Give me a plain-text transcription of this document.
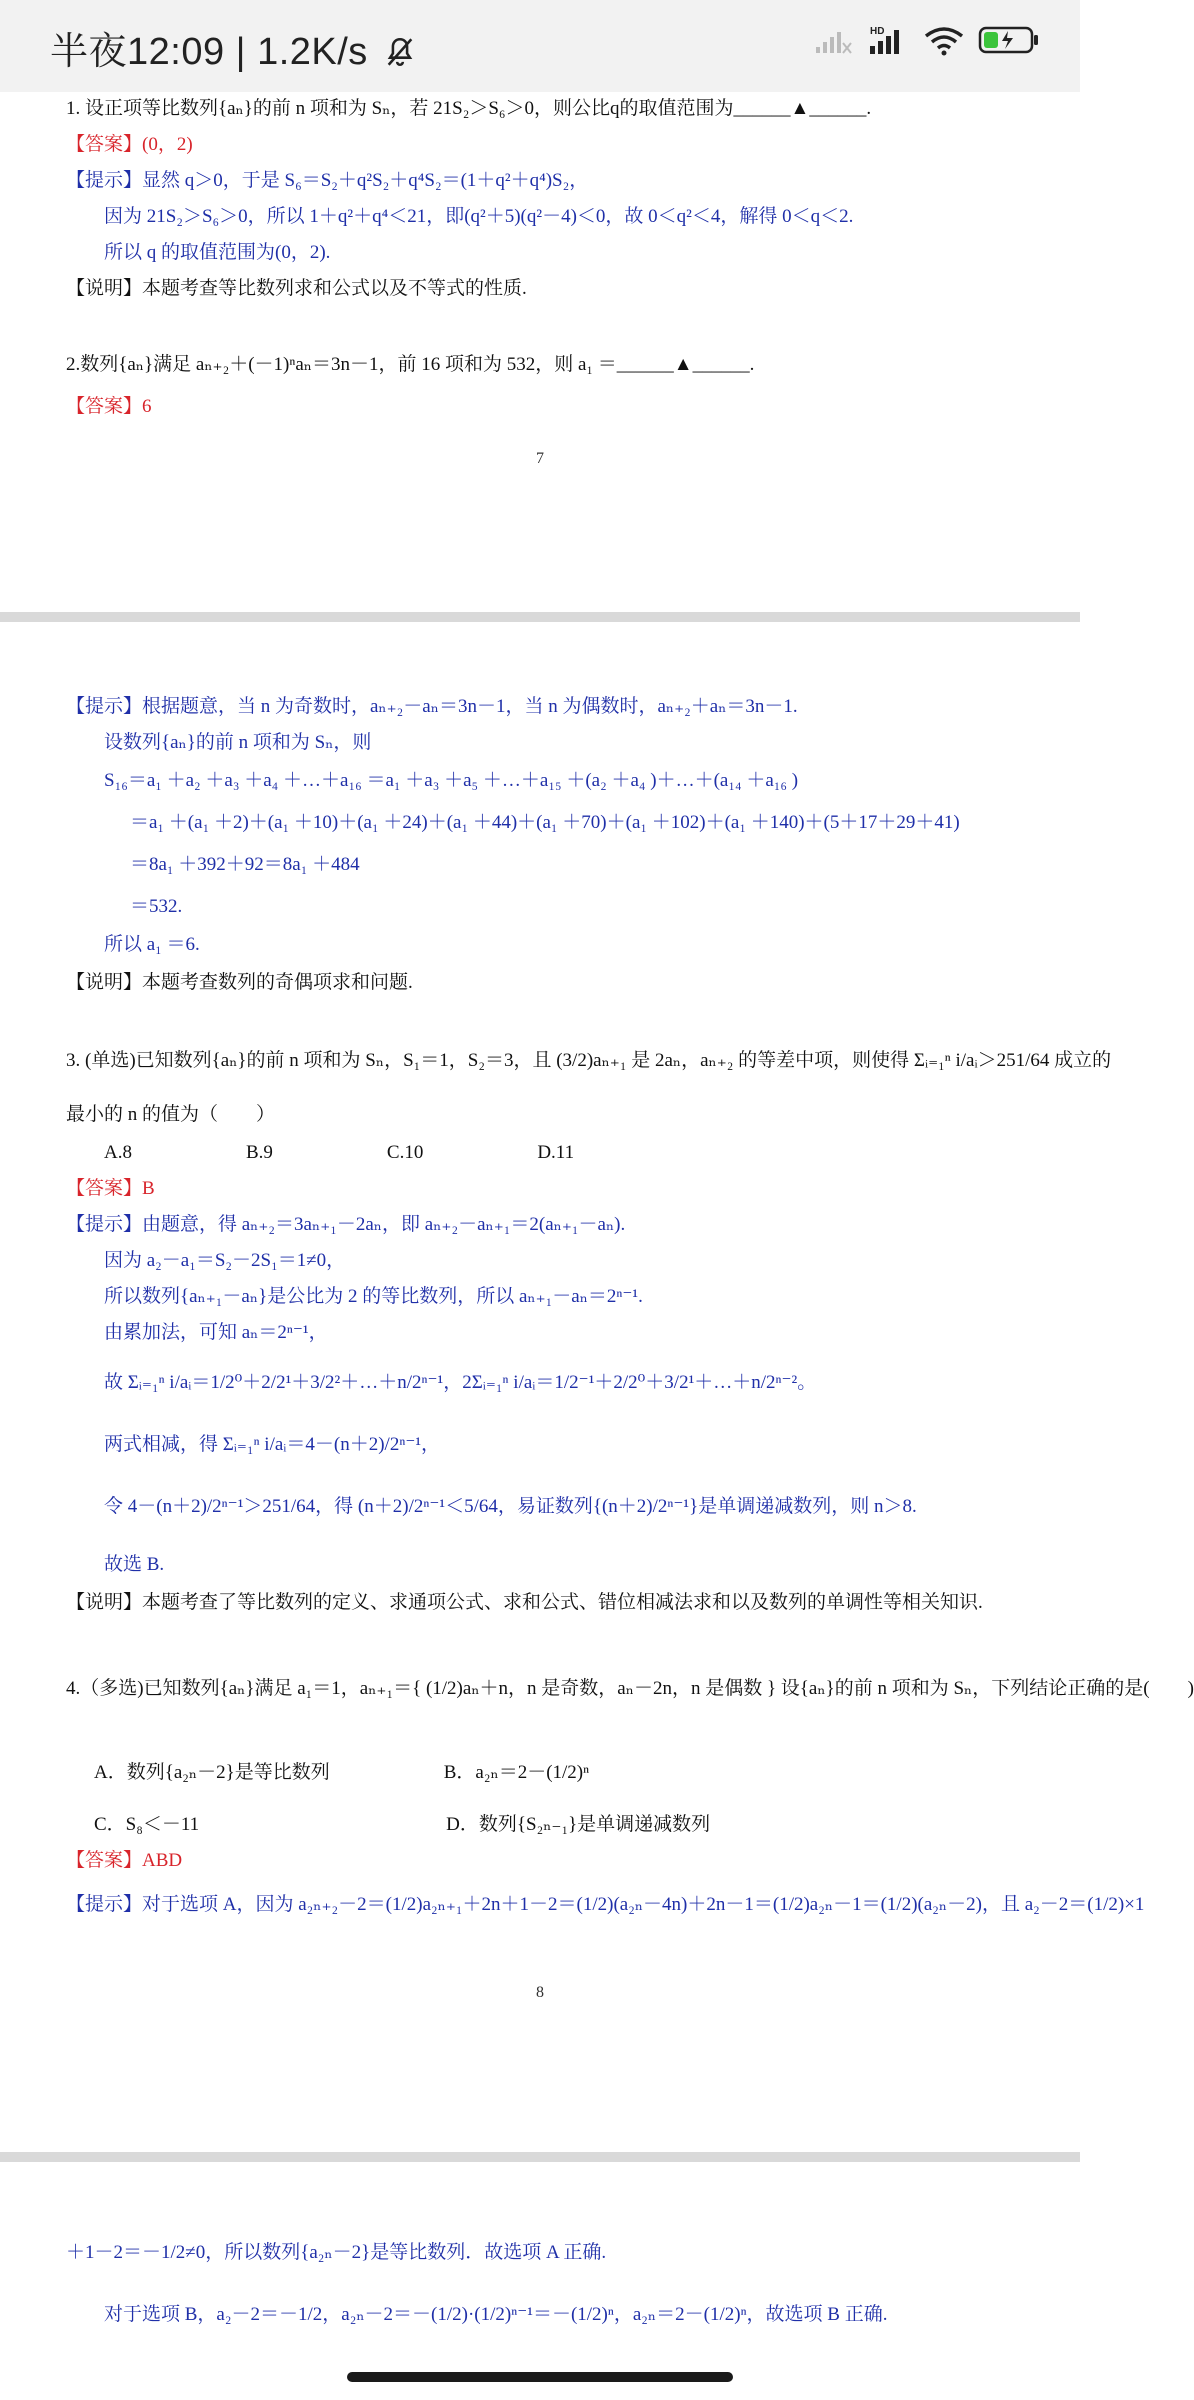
半夜12:09 | 1.2K/s	HD
1. 设正项等比数列{aₙ}的前 n 项和为 Sₙ，若 21S₂＞S₆＞0，则公比q的取值范围为______▲______.
【答案】(0，2)
【提示】显然 q＞0，于是 S₆＝S₂＋q²S₂＋q⁴S₂＝(1＋q²＋q⁴)S₂，
因为 21S₂＞S₆＞0，所以 1＋q²＋q⁴＜21，即(q²＋5)(q²－4)＜0，故 0＜q²＜4，解得 0＜q＜2.
所以 q 的取值范围为(0，2).
【说明】本题考查等比数列求和公式以及不等式的性质.
2.数列{aₙ}满足 aₙ₊₂＋(－1)ⁿaₙ＝3n－1，前 16 项和为 532，则 a₁ ＝______▲______.
【答案】6
7
【提示】根据题意，当 n 为奇数时，aₙ₊₂－aₙ＝3n－1，当 n 为偶数时，aₙ₊₂＋aₙ＝3n－1.
设数列{aₙ}的前 n 项和为 Sₙ，则
S₁₆＝a₁ ＋a₂ ＋a₃ ＋a₄ ＋…＋a₁₆ ＝a₁ ＋a₃ ＋a₅ ＋…＋a₁₅ ＋(a₂ ＋a₄ )＋…＋(a₁₄ ＋a₁₆ )
＝a₁ ＋(a₁ ＋2)＋(a₁ ＋10)＋(a₁ ＋24)＋(a₁ ＋44)＋(a₁ ＋70)＋(a₁ ＋102)＋(a₁ ＋140)＋(5＋17＋29＋41)
＝8a₁ ＋392＋92＝8a₁ ＋484
＝532.
所以 a₁ ＝6.
【说明】本题考查数列的奇偶项求和问题.
3. (单选)已知数列{aₙ}的前 n 项和为 Sₙ，S₁＝1，S₂＝3，且 (3/2)aₙ₊₁ 是 2aₙ，aₙ₊₂ 的等差中项，则使得 Σᵢ₌₁ⁿ i/aᵢ＞251/64 成立的
最小的 n 的值为（　　）
A.8　　　　　　B.9　　　　　　C.10　　　　　　D.11
【答案】B
【提示】由题意，得 aₙ₊₂＝3aₙ₊₁－2aₙ，即 aₙ₊₂－aₙ₊₁＝2(aₙ₊₁－aₙ).
因为 a₂－a₁＝S₂－2S₁＝1≠0，
所以数列{aₙ₊₁－aₙ}是公比为 2 的等比数列，所以 aₙ₊₁－aₙ＝2ⁿ⁻¹.
由累加法，可知 aₙ＝2ⁿ⁻¹，
故 Σᵢ₌₁ⁿ i/aᵢ＝1/2⁰＋2/2¹＋3/2²＋…＋n/2ⁿ⁻¹，2Σᵢ₌₁ⁿ i/aᵢ＝1/2⁻¹＋2/2⁰＋3/2¹＋…＋n/2ⁿ⁻²。
两式相减，得 Σᵢ₌₁ⁿ i/aᵢ＝4－(n＋2)/2ⁿ⁻¹，
令 4－(n＋2)/2ⁿ⁻¹＞251/64，得 (n＋2)/2ⁿ⁻¹＜5/64，易证数列{(n＋2)/2ⁿ⁻¹}是单调递减数列，则 n＞8.
故选 B.
【说明】本题考查了等比数列的定义、求通项公式、求和公式、错位相减法求和以及数列的单调性等相关知识.
4.（多选)已知数列{aₙ}满足 a₁＝1，aₙ₊₁＝{ (1/2)aₙ＋n，n 是奇数，aₙ－2n，n 是偶数 } 设{aₙ}的前 n 项和为 Sₙ，下列结论正确的是(　　)
A．数列{a₂ₙ－2}是等比数列　　　　　　B．a₂ₙ＝2－(1/2)ⁿ
C．S₈＜－11　　　　　　　　　　　　　D．数列{S₂ₙ₋₁}是单调递减数列
【答案】ABD
【提示】对于选项 A，因为 a₂ₙ₊₂－2＝(1/2)a₂ₙ₊₁＋2n＋1－2＝(1/2)(a₂ₙ－4n)＋2n－1＝(1/2)a₂ₙ－1＝(1/2)(a₂ₙ－2)，且 a₂－2＝(1/2)×1
8
＋1－2＝－1/2≠0，所以数列{a₂ₙ－2}是等比数列．故选项 A 正确.
对于选项 B，a₂－2＝－1/2，a₂ₙ－2＝－(1/2)·(1/2)ⁿ⁻¹＝－(1/2)ⁿ，a₂ₙ＝2－(1/2)ⁿ，故选项 B 正确.
